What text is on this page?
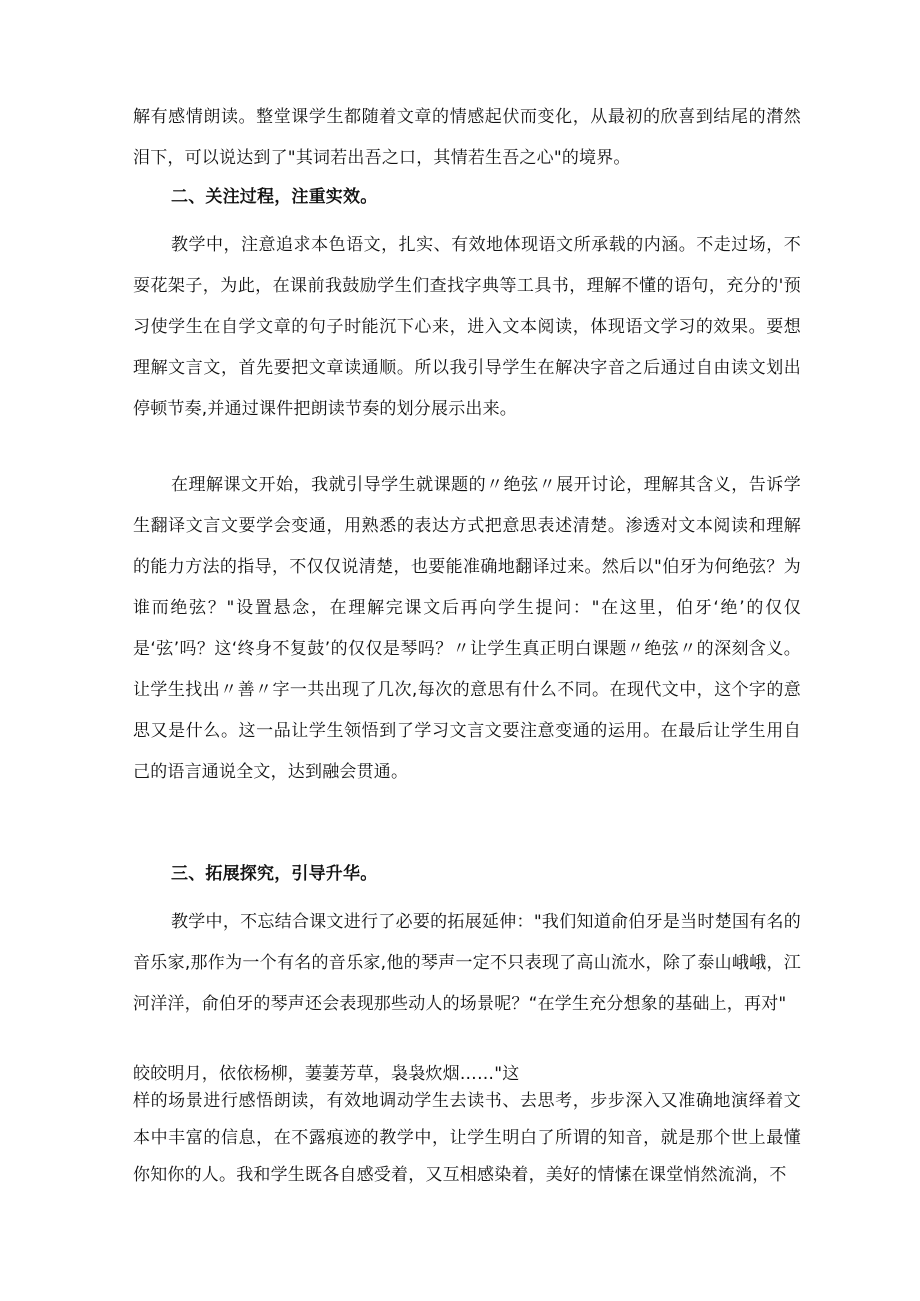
解有感情朗读。整堂课学生都随着文章的情感起伏而变化，从最初的欣喜到结尾的潸然泪下，可以说达到了"其词若出吾之口，其情若生吾之心"的境界。

二、关注过程，注重实效。

教学中，注意追求本色语文，扎实、有效地体现语文所承载的内涵。不走过场，不耍花架子，为此，在课前我鼓励学生们查找字典等工具书，理解不懂的语句，充分的'预习使学生在自学文章的句子时能沉下心来，进入文本阅读，体现语文学习的效果。要想理解文言文，首先要把文章读通顺。所以我引导学生在解决字音之后通过自由读文划出停顿节奏,并通过课件把朗读节奏的划分展示出来。

在理解课文开始，我就引导学生就课题的〃绝弦〃展开讨论，理解其含义，告诉学生翻译文言文要学会变通，用熟悉的表达方式把意思表述清楚。渗透对文本阅读和理解的能力方法的指导，不仅仅说清楚，也要能准确地翻译过来。然后以"伯牙为何绝弦？为谁而绝弦？"设置悬念，在理解完课文后再向学生提问："在这里，伯牙‘绝’的仅仅是‘弦’吗？这‘终身不复鼓’的仅仅是琴吗？〃让学生真正明白课题〃绝弦〃的深刻含义。让学生找出〃善〃字一共出现了几次,每次的意思有什么不同。在现代文中，这个字的意思又是什么。这一品让学生领悟到了学习文言文要注意变通的运用。在最后让学生用自己的语言通说全文，达到融会贯通。

三、拓展探究，引导升华。

教学中，不忘结合课文进行了必要的拓展延伸："我们知道俞伯牙是当时楚国有名的音乐家,那作为一个有名的音乐家,他的琴声一定不只表现了高山流水，除了泰山峨峨，江河洋洋，俞伯牙的琴声还会表现那些动人的场景呢？“在学生充分想象的基础上，再对"

皎皎明月，依依杨柳，萋萋芳草，袅袅炊烟……"这

样的场景进行感悟朗读，有效地调动学生去读书、去思考，步步深入又准确地演绎着文本中丰富的信息，在不露痕迹的教学中，让学生明白了所谓的知音，就是那个世上最懂你知你的人。我和学生既各自感受着，又互相感染着，美好的情愫在课堂悄然流淌，不
